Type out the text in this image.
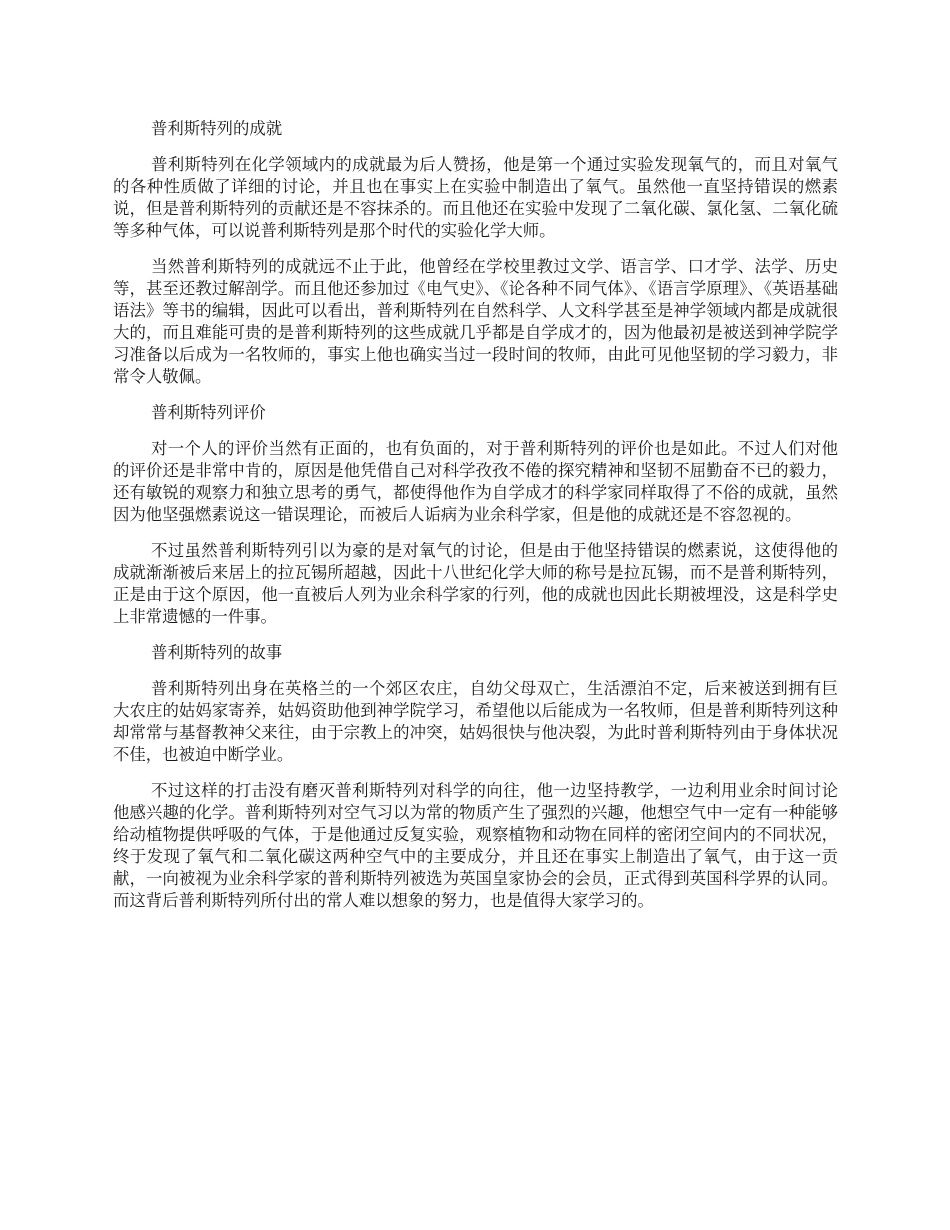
普利斯特列的成就

普利斯特列在化学领域内的成就最为后人赞扬，他是第一个通过实验发现氧气的，而且对氧气的各种性质做了详细的讨论，并且也在事实上在实验中制造出了氧气。虽然他一直坚持错误的燃素说，但是普利斯特列的贡献还是不容抹杀的。而且他还在实验中发现了二氧化碳、氯化氢、二氧化硫等多种气体，可以说普利斯特列是那个时代的实验化学大师。

当然普利斯特列的成就远不止于此，他曾经在学校里教过文学、语言学、口才学、法学、历史等，甚至还教过解剖学。而且他还参加过《电气史》、《论各种不同气体》、《语言学原理》、《英语基础语法》等书的编辑，因此可以看出，普利斯特列在自然科学、人文科学甚至是神学领域内都是成就很大的，而且难能可贵的是普利斯特列的这些成就几乎都是自学成才的，因为他最初是被送到神学院学习准备以后成为一名牧师的，事实上他也确实当过一段时间的牧师，由此可见他坚韧的学习毅力，非常令人敬佩。

普利斯特列评价

对一个人的评价当然有正面的，也有负面的，对于普利斯特列的评价也是如此。不过人们对他的评价还是非常中肯的，原因是他凭借自己对科学孜孜不倦的探究精神和坚韧不屈勤奋不已的毅力，还有敏锐的观察力和独立思考的勇气，都使得他作为自学成才的科学家同样取得了不俗的成就，虽然因为他坚强燃素说这一错误理论，而被后人诟病为业余科学家，但是他的成就还是不容忽视的。

不过虽然普利斯特列引以为豪的是对氧气的讨论，但是由于他坚持错误的燃素说，这使得他的成就渐渐被后来居上的拉瓦锡所超越，因此十八世纪化学大师的称号是拉瓦锡，而不是普利斯特列，正是由于这个原因，他一直被后人列为业余科学家的行列，他的成就也因此长期被埋没，这是科学史上非常遗憾的一件事。

普利斯特列的故事

普利斯特列出身在英格兰的一个郊区农庄，自幼父母双亡，生活漂泊不定，后来被送到拥有巨大农庄的姑妈家寄养，姑妈资助他到神学院学习，希望他以后能成为一名牧师，但是普利斯特列这种却常常与基督教神父来往，由于宗教上的冲突，姑妈很快与他决裂，为此时普利斯特列由于身体状况不佳，也被迫中断学业。

不过这样的打击没有磨灭普利斯特列对科学的向往，他一边坚持教学，一边利用业余时间讨论他感兴趣的化学。普利斯特列对空气习以为常的物质产生了强烈的兴趣，他想空气中一定有一种能够给动植物提供呼吸的气体，于是他通过反复实验，观察植物和动物在同样的密闭空间内的不同状况，终于发现了氧气和二氧化碳这两种空气中的主要成分，并且还在事实上制造出了氧气，由于这一贡献，一向被视为业余科学家的普利斯特列被选为英国皇家协会的会员，正式得到英国科学界的认同。而这背后普利斯特列所付出的常人难以想象的努力，也是值得大家学习的。
